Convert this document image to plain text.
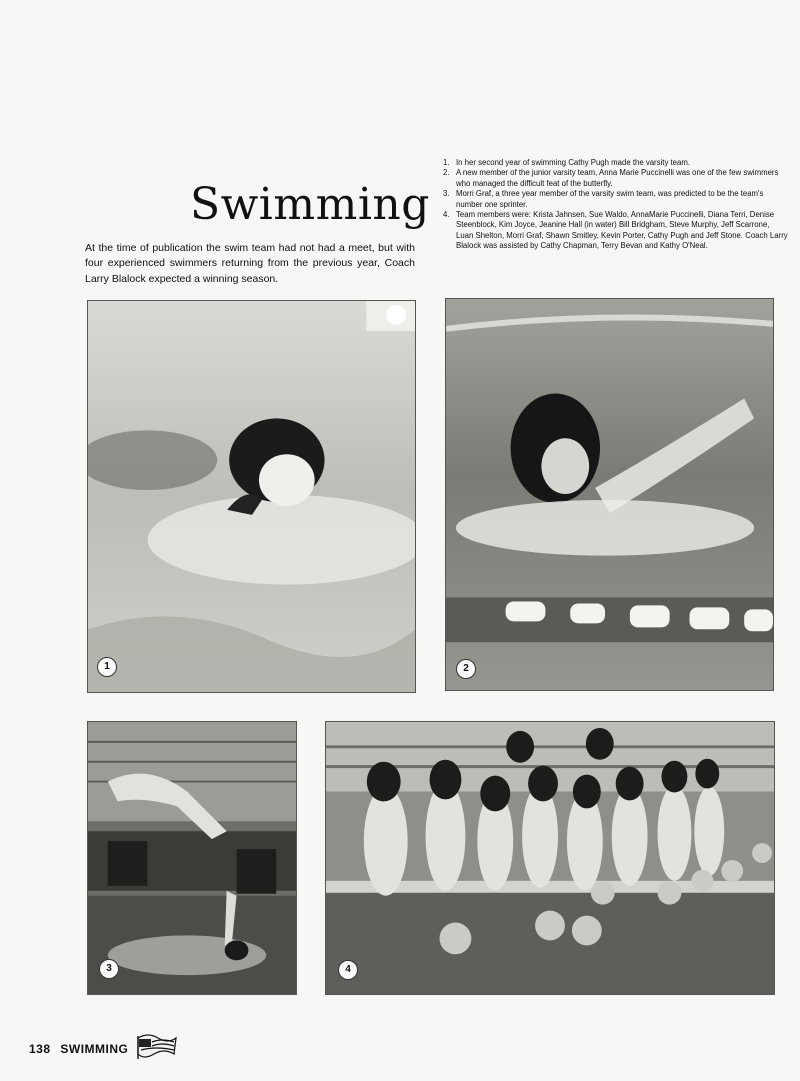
Swimming

At the time of publication the swim team had not had a meet, but with four experienced swimmers returning from the previous year, Coach Larry Blalock expected a winning season.

1. In her second year of swimming Cathy Pugh made the varsity team.
2. A new member of the junior varsity team, Anna Marie Puccinelli was one of the few swimmers who managed the difficult feat of the butterfly.
3. Morri Graf, a three year member of the varsity swim team, was predicted to be the team's number one sprinter.
4. Team members were: Krista Jahnsen, Sue Waldo, AnnaMarie Puccinelli, Diana Terri, Denise Steenblock, Kim Joyce, Jeanine Hall (in water) Bill Bridgham, Steve Murphy, Jeff Scarrone, Luan Shelton, Morri Graf, Shawn Smitley, Kevin Porter, Cathy Pugh and Jeff Stone. Coach Larry Blalock was assisted by Cathy Chapman, Terry Bevan and Kathy O'Neal.
1	2
3	4
138 SWIMMING
